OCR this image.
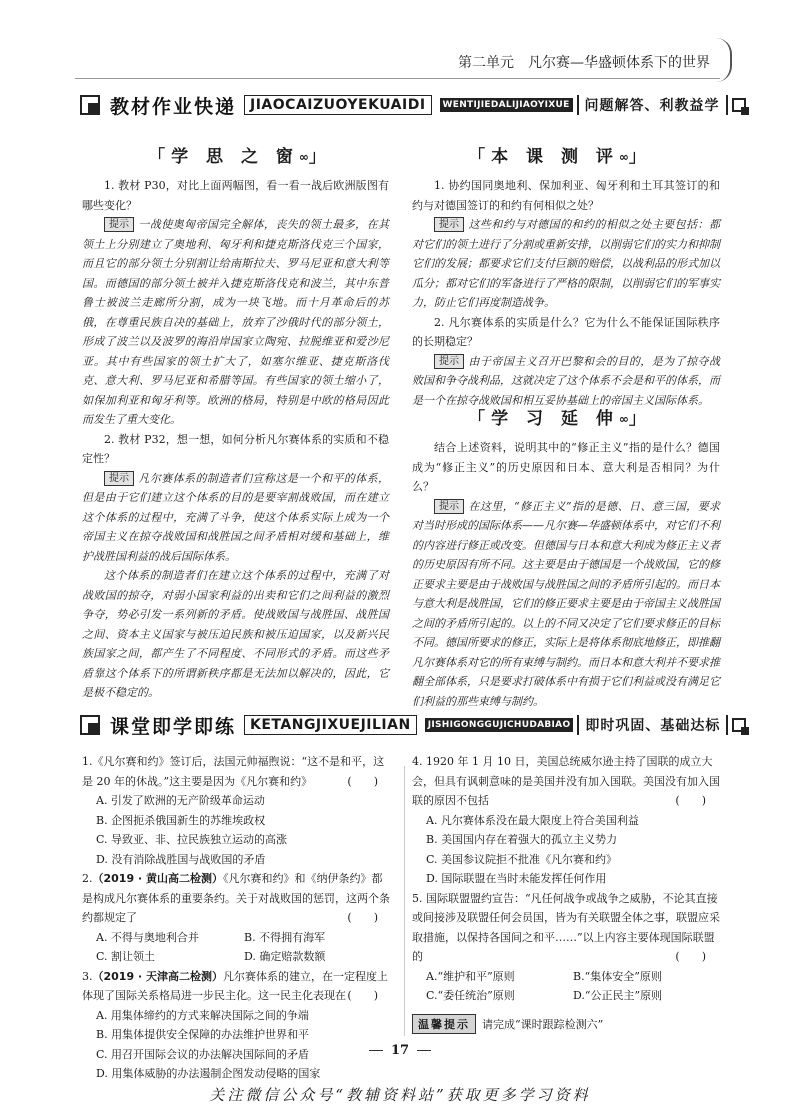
第二单元　凡尔赛—华盛顿体系下的世界
教材作业快递	JIAOCAIZUOYEKUAIDI	WENTIJIEDALIJIAOYIXUE	问题解答、利教益学
「学 思 之 窗∞」

1. 教材 P30，对比上面两幅图，看一看一战后欧洲版图有哪些变化？

提示 一战使奥匈帝国完全解体，丧失的领土最多，在其领土上分别建立了奥地利、匈牙利和捷克斯洛伐克三个国家，而且它的部分领土分别割让给南斯拉夫、罗马尼亚和意大利等国。而德国的部分领土被并入捷克斯洛伐克和波兰，其中东普鲁士被波兰走廊所分割，成为一块飞地。而十月革命后的苏俄，在尊重民族自决的基础上，放弃了沙俄时代的部分领土，形成了波兰以及波罗的海沿岸国家立陶宛、拉脱维亚和爱沙尼亚。其中有些国家的领土扩大了，如塞尔维亚、捷克斯洛伐克、意大利、罗马尼亚和希腊等国。有些国家的领土缩小了，如保加利亚和匈牙利等。欧洲的格局，特别是中欧的格局因此而发生了重大变化。

2. 教材 P32，想一想，如何分析凡尔赛体系的实质和不稳定性？

提示 凡尔赛体系的制造者们宣称这是一个和平的体系，但是由于它们建立这个体系的目的是要宰割战败国，而在建立这个体系的过程中，充满了斗争，使这个体系实际上成为一个帝国主义在掠夺战败国和战胜国之间矛盾相对缓和基础上，维护战胜国利益的战后国际体系。

这个体系的制造者们在建立这个体系的过程中，充满了对战败国的掠夺，对弱小国家利益的出卖和它们之间利益的激烈争夺，势必引发一系列新的矛盾。使战败国与战胜国、战胜国之间、资本主义国家与被压迫民族和被压迫国家，以及新兴民族国家之间，都产生了不同程度、不同形式的矛盾。而这些矛盾靠这个体系下的所谓新秩序都是无法加以解决的，因此，它是极不稳定的。

「本 课 测 评∞」

1. 协约国同奥地利、保加利亚、匈牙利和土耳其签订的和约与对德国签订的和约有何相似之处？

提示 这些和约与对德国的和约的相似之处主要包括：都对它们的领土进行了分割或重新安排，以削弱它们的实力和抑制它们的发展；都要求它们支付巨额的赔偿，以战利品的形式加以瓜分；都对它们的军备进行了严格的限制，以削弱它们的军事实力，防止它们再度制造战争。

2. 凡尔赛体系的实质是什么？它为什么不能保证国际秩序的长期稳定？

提示 由于帝国主义召开巴黎和会的目的，是为了掠夺战败国和争夺战利品，这就决定了这个体系不会是和平的体系，而是一个在掠夺战败国和相互妥协基础上的帝国主义国际体系。

「学 习 延 伸∞」

结合上述资料，说明其中的“修正主义”指的是什么？德国成为“修正主义”的历史原因和日本、意大利是否相同？为什么？

提示 在这里，“修正主义”指的是德、日、意三国，要求对当时形成的国际体系——凡尔赛—华盛顿体系中，对它们不利的内容进行修正或改变。但德国与日本和意大利成为修正主义者的历史原因有所不同。这主要是由于德国是一个战败国，它的修正要求主要是由于战败国与战胜国之间的矛盾所引起的。而日本与意大利是战胜国，它们的修正要求主要是由于帝国主义战胜国之间的矛盾所引起的。以上的不同又决定了它们要求修正的目标不同。德国所要求的修正，实际上是将体系彻底地修正，即推翻凡尔赛体系对它的所有束缚与制约。而日本和意大利并不要求推翻全部体系，只是要求打破体系中有损于它们利益或没有满足它们利益的那些束缚与制约。

课堂即学即练	KETANGJIXUEJILIAN	JISHIGONGGUJICHUDABIAO	即时巩固、基础达标

1.《凡尔赛和约》签订后，法国元帅福煦说：“这不是和平，这是 20 年的休战。”这主要是因为《凡尔赛和约》	(　　)

A. 引发了欧洲的无产阶级革命运动

B. 企图扼杀俄国新生的苏维埃政权

C. 导致亚、非、拉民族独立运动的高涨

D. 没有消除战胜国与战败国的矛盾

2.（2019 · 黄山高二检测）《凡尔赛和约》和《纳伊条约》都是构成凡尔赛体系的重要条约。关于对战败国的惩罚，这两个条约都规定了	(　　)

A. 不得与奥地利合并	B. 不得拥有海军
C. 割让领土	D. 确定赔款数额

3.（2019 · 天津高二检测）凡尔赛体系的建立，在一定程度上体现了国际关系格局进一步民主化。这一民主化表现在 (　　)

A. 用集体缔约的方式来解决国际之间的争端

B. 用集体提供安全保障的办法维护世界和平

C. 用召开国际会议的办法解决国际间的矛盾

D. 用集体威胁的办法遏制企图发动侵略的国家

4. 1920 年 1 月 10 日，美国总统威尔逊主持了国联的成立大会，但具有讽刺意味的是美国并没有加入国联。美国没有加入国联的原因不包括	(　　)

A. 凡尔赛体系没在最大限度上符合美国利益

B. 美国国内存在着强大的孤立主义势力

C. 美国参议院拒不批准《凡尔赛和约》

D. 国际联盟在当时未能发挥任何作用

5. 国际联盟盟约宣告：“凡任何战争或战争之威胁，不论其直接或间接涉及联盟任何会员国，皆为有关联盟全体之事，联盟应采取措施，以保持各国间之和平……”以上内容主要体现国际联盟的	(　　)

A.“维护和平”原则	B.“集体安全”原则
C.“委任统治”原则	D.“公正民主”原则
温馨提示	请完成“课时跟踪检测六”
17
关注微信公众号“教辅资料站”获取更多学习资料
